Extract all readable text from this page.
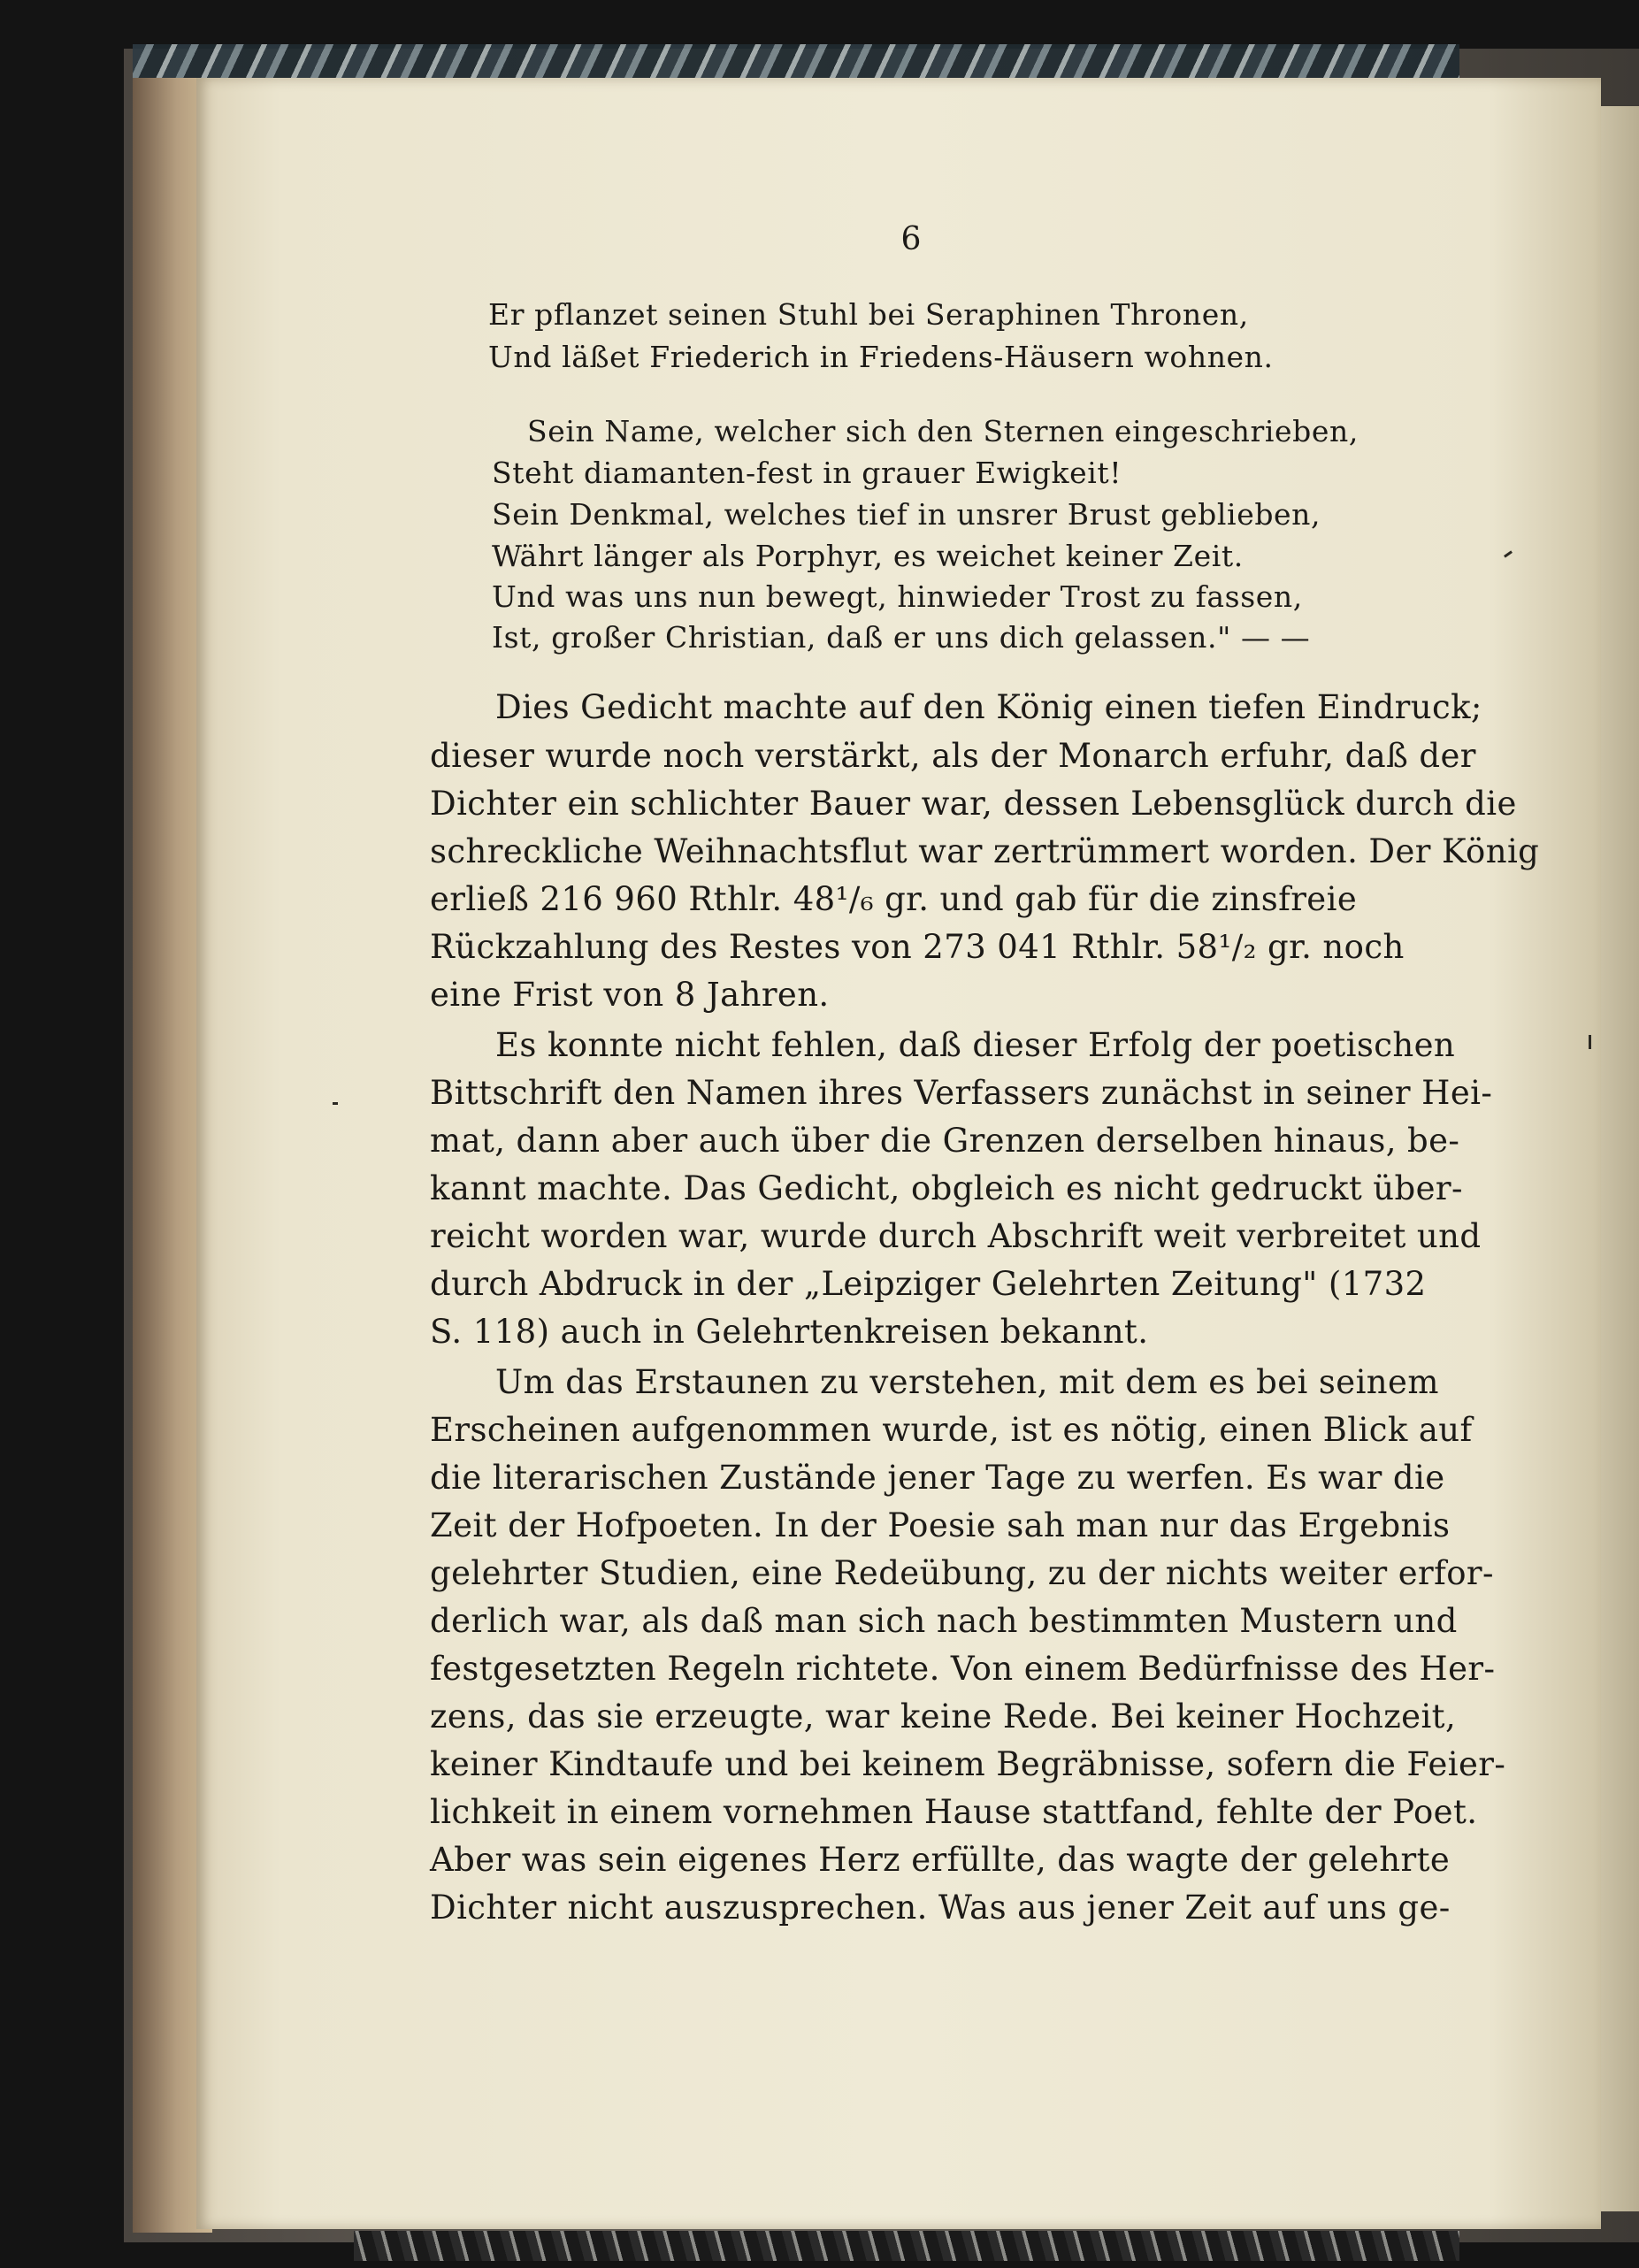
6
Er pflanzet seinen Stuhl bei Seraphinen Thronen,
Und läßet Friederich in Friedens-Häusern wohnen.
Sein Name, welcher sich den Sternen eingeschrieben,
Steht diamanten-fest in grauer Ewigkeit!
Sein Denkmal, welches tief in unsrer Brust geblieben,
Währt länger als Porphyr, es weichet keiner Zeit.
Und was uns nun bewegt, hinwieder Trost zu fassen,
Ist, großer Christian, daß er uns dich gelassen." — —
Dies Gedicht machte auf den König einen tiefen Eindruck;
dieser wurde noch verstärkt, als der Monarch erfuhr, daß der
Dichter ein schlichter Bauer war, dessen Lebensglück durch die
schreckliche Weihnachtsflut war zertrümmert worden. Der König
erließ 216 960 Rthlr. 48¹/₆ gr. und gab für die zinsfreie
Rückzahlung des Restes von 273 041 Rthlr. 58¹/₂ gr. noch
eine Frist von 8 Jahren.
Es konnte nicht fehlen, daß dieser Erfolg der poetischen
Bittschrift den Namen ihres Verfassers zunächst in seiner Hei-
mat, dann aber auch über die Grenzen derselben hinaus, be-
kannt machte. Das Gedicht, obgleich es nicht gedruckt über-
reicht worden war, wurde durch Abschrift weit verbreitet und
durch Abdruck in der „Leipziger Gelehrten Zeitung" (1732
S. 118) auch in Gelehrtenkreisen bekannt.
Um das Erstaunen zu verstehen, mit dem es bei seinem
Erscheinen aufgenommen wurde, ist es nötig, einen Blick auf
die literarischen Zustände jener Tage zu werfen. Es war die
Zeit der Hofpoeten. In der Poesie sah man nur das Ergebnis
gelehrter Studien, eine Redeübung, zu der nichts weiter erfor-
derlich war, als daß man sich nach bestimmten Mustern und
festgesetzten Regeln richtete. Von einem Bedürfnisse des Her-
zens, das sie erzeugte, war keine Rede. Bei keiner Hochzeit,
keiner Kindtaufe und bei keinem Begräbnisse, sofern die Feier-
lichkeit in einem vornehmen Hause stattfand, fehlte der Poet.
Aber was sein eigenes Herz erfüllte, das wagte der gelehrte
Dichter nicht auszusprechen. Was aus jener Zeit auf uns ge-
